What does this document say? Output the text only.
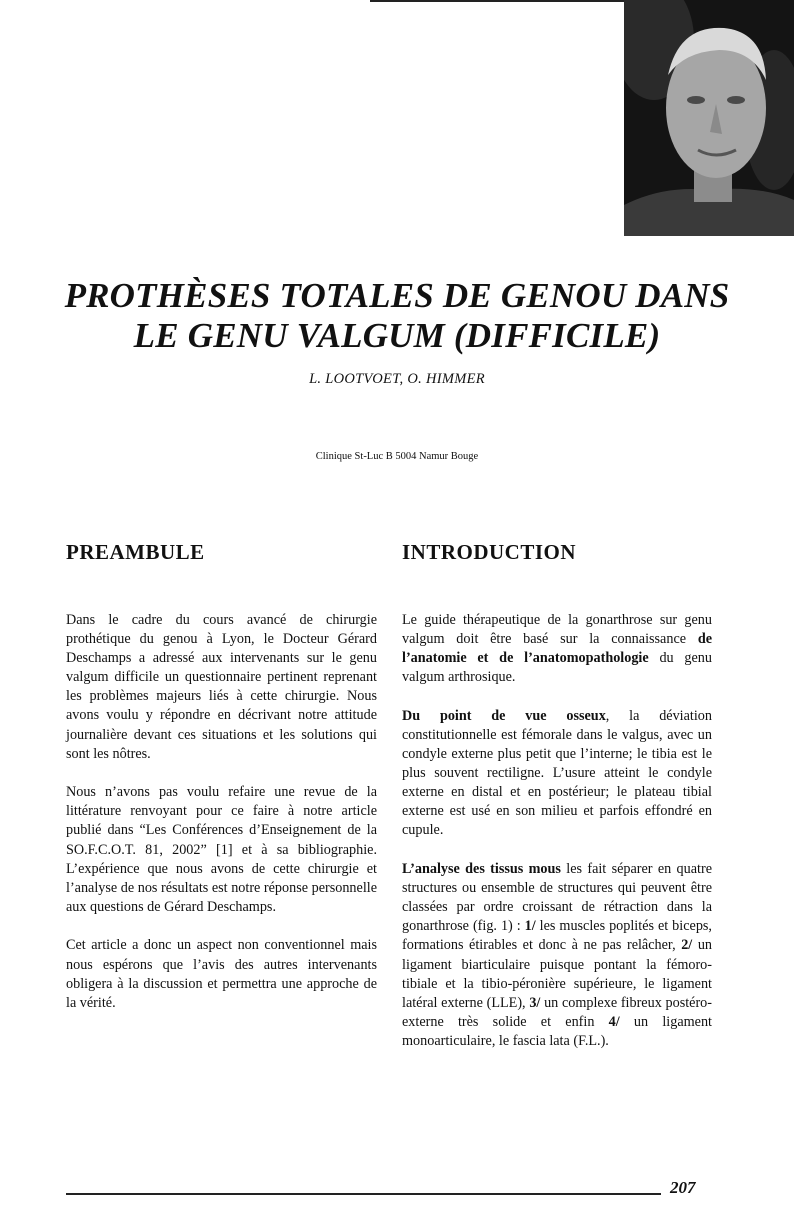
PROTHÈSES TOTALES DE GENOU DANS
LE GENU VALGUM (DIFFICILE)

L. LOOTVOET, O. HIMMER

Clinique St-Luc B 5004 Namur Bouge

PREAMBULE	INTRODUCTION

Dans le cadre du cours avancé de chirurgie prothétique du genou à Lyon, le Docteur Gérard Deschamps a adressé aux intervenants sur le genu valgum difficile un questionnaire pertinent reprenant les problèmes majeurs liés à cette chirurgie. Nous avons voulu y répondre en décrivant notre attitude journalière devant ces situations et les solutions qui sont les nôtres.

Nous n’avons pas voulu refaire une revue de la littérature renvoyant pour ce faire à notre article publié dans “Les Conférences d’Enseignement de la SO.F.C.O.T. 81, 2002” [1] et à sa bibliographie. L’expérience que nous avons de cette chirurgie et l’analyse de nos résultats est notre réponse personnelle aux questions de Gérard Deschamps.

Cet article a donc un aspect non conventionnel mais nous espérons que l’avis des autres intervenants obligera à la discussion et permettra une approche de la vérité.

Le guide thérapeutique de la gonarthrose sur genu valgum doit être basé sur la connaissance de l’anatomie et de l’anatomopathologie du genu valgum arthrosique.

Du point de vue osseux, la déviation constitutionnelle est fémorale dans le valgus, avec un condyle externe plus petit que l’interne; le tibia est le plus souvent rectiligne. L’usure atteint le condyle externe en distal et en postérieur; le plateau tibial externe est usé en son milieu et parfois effondré en cupule.

L’analyse des tissus mous les fait séparer en quatre structures ou ensemble de structures qui peuvent être classées par ordre croissant de rétraction dans la gonarthrose (fig. 1) : 1/ les muscles poplités et biceps, formations étirables et donc à ne pas relâcher, 2/ un ligament biarticulaire puisque pontant la fémoro-tibiale et la tibio-péronière supérieure, le ligament latéral externe (LLE), 3/ un complexe fibreux postéro-externe très solide et enfin 4/ un ligament monoarticulaire, le fascia lata (F.L.).

207
